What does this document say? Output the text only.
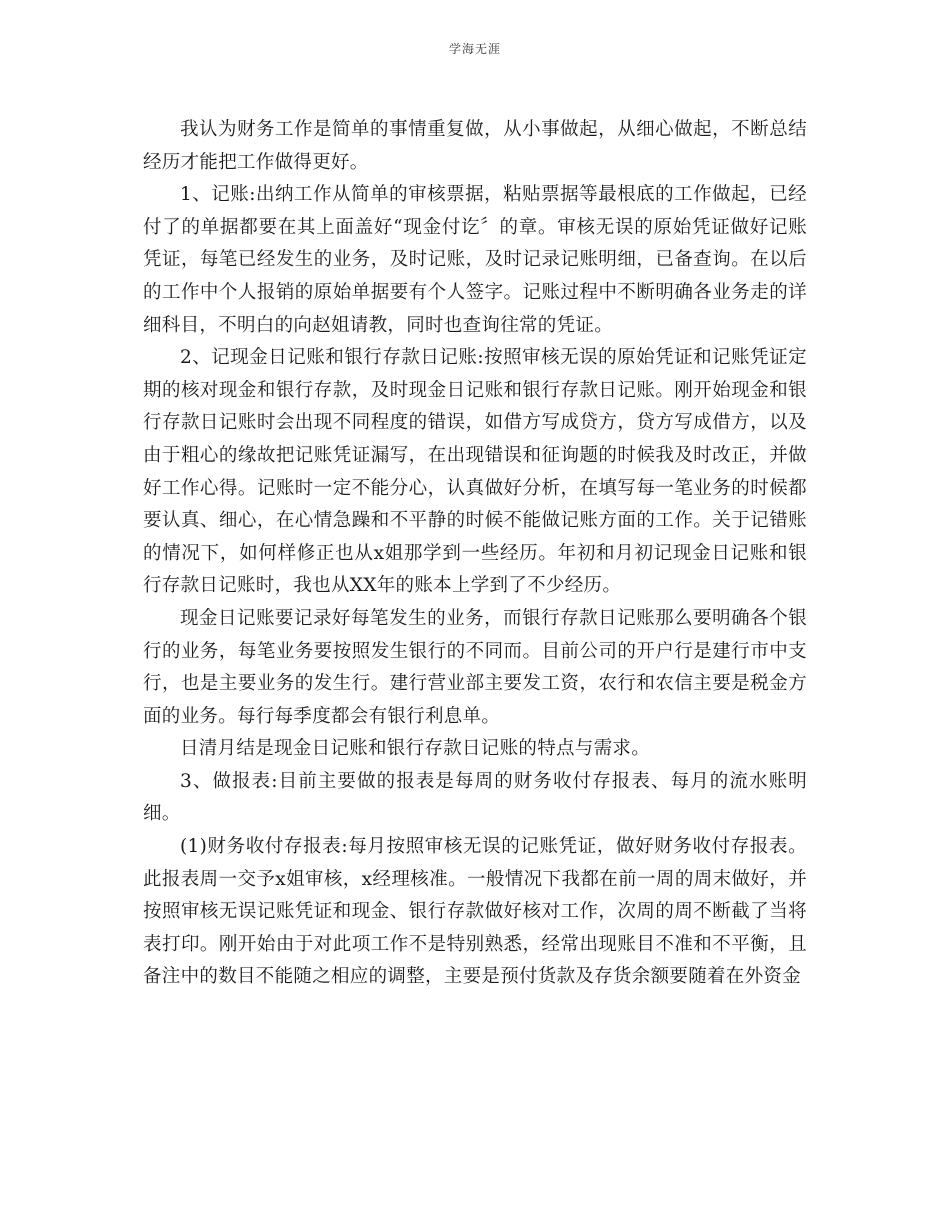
学海无涯

我认为财务工作是简单的事情重复做，从小事做起，从细心做起，不断总结经历才能把工作做得更好。

1、记账:出纳工作从简单的审核票据，粘贴票据等最根底的工作做起，已经付了的单据都要在其上面盖好“现金付讫〞的章。审核无误的原始凭证做好记账凭证，每笔已经发生的业务，及时记账，及时记录记账明细，已备查询。在以后的工作中个人报销的原始单据要有个人签字。记账过程中不断明确各业务走的详细科目，不明白的向赵姐请教，同时也查询往常的凭证。

2、记现金日记账和银行存款日记账:按照审核无误的原始凭证和记账凭证定期的核对现金和银行存款，及时现金日记账和银行存款日记账。刚开始现金和银行存款日记账时会出现不同程度的错误，如借方写成贷方，贷方写成借方，以及由于粗心的缘故把记账凭证漏写，在出现错误和征询题的时候我及时改正，并做好工作心得。记账时一定不能分心，认真做好分析，在填写每一笔业务的时候都要认真、细心，在心情急躁和不平静的时候不能做记账方面的工作。关于记错账的情况下，如何样修正也从x姐那学到一些经历。年初和月初记现金日记账和银行存款日记账时，我也从XX年的账本上学到了不少经历。

现金日记账要记录好每笔发生的业务，而银行存款日记账那么要明确各个银行的业务，每笔业务要按照发生银行的不同而。目前公司的开户行是建行市中支行，也是主要业务的发生行。建行营业部主要发工资，农行和农信主要是税金方面的业务。每行每季度都会有银行利息单。

日清月结是现金日记账和银行存款日记账的特点与需求。

3、做报表:目前主要做的报表是每周的财务收付存报表、每月的流水账明细。

(1)财务收付存报表:每月按照审核无误的记账凭证，做好财务收付存报表。此报表周一交予x姐审核，x经理核准。一般情况下我都在前一周的周末做好，并按照审核无误记账凭证和现金、银行存款做好核对工作，次周的周不断截了当将表打印。刚开始由于对此项工作不是特别熟悉，经常出现账目不准和不平衡，且备注中的数目不能随之相应的调整，主要是预付货款及存货余额要随着在外资金
